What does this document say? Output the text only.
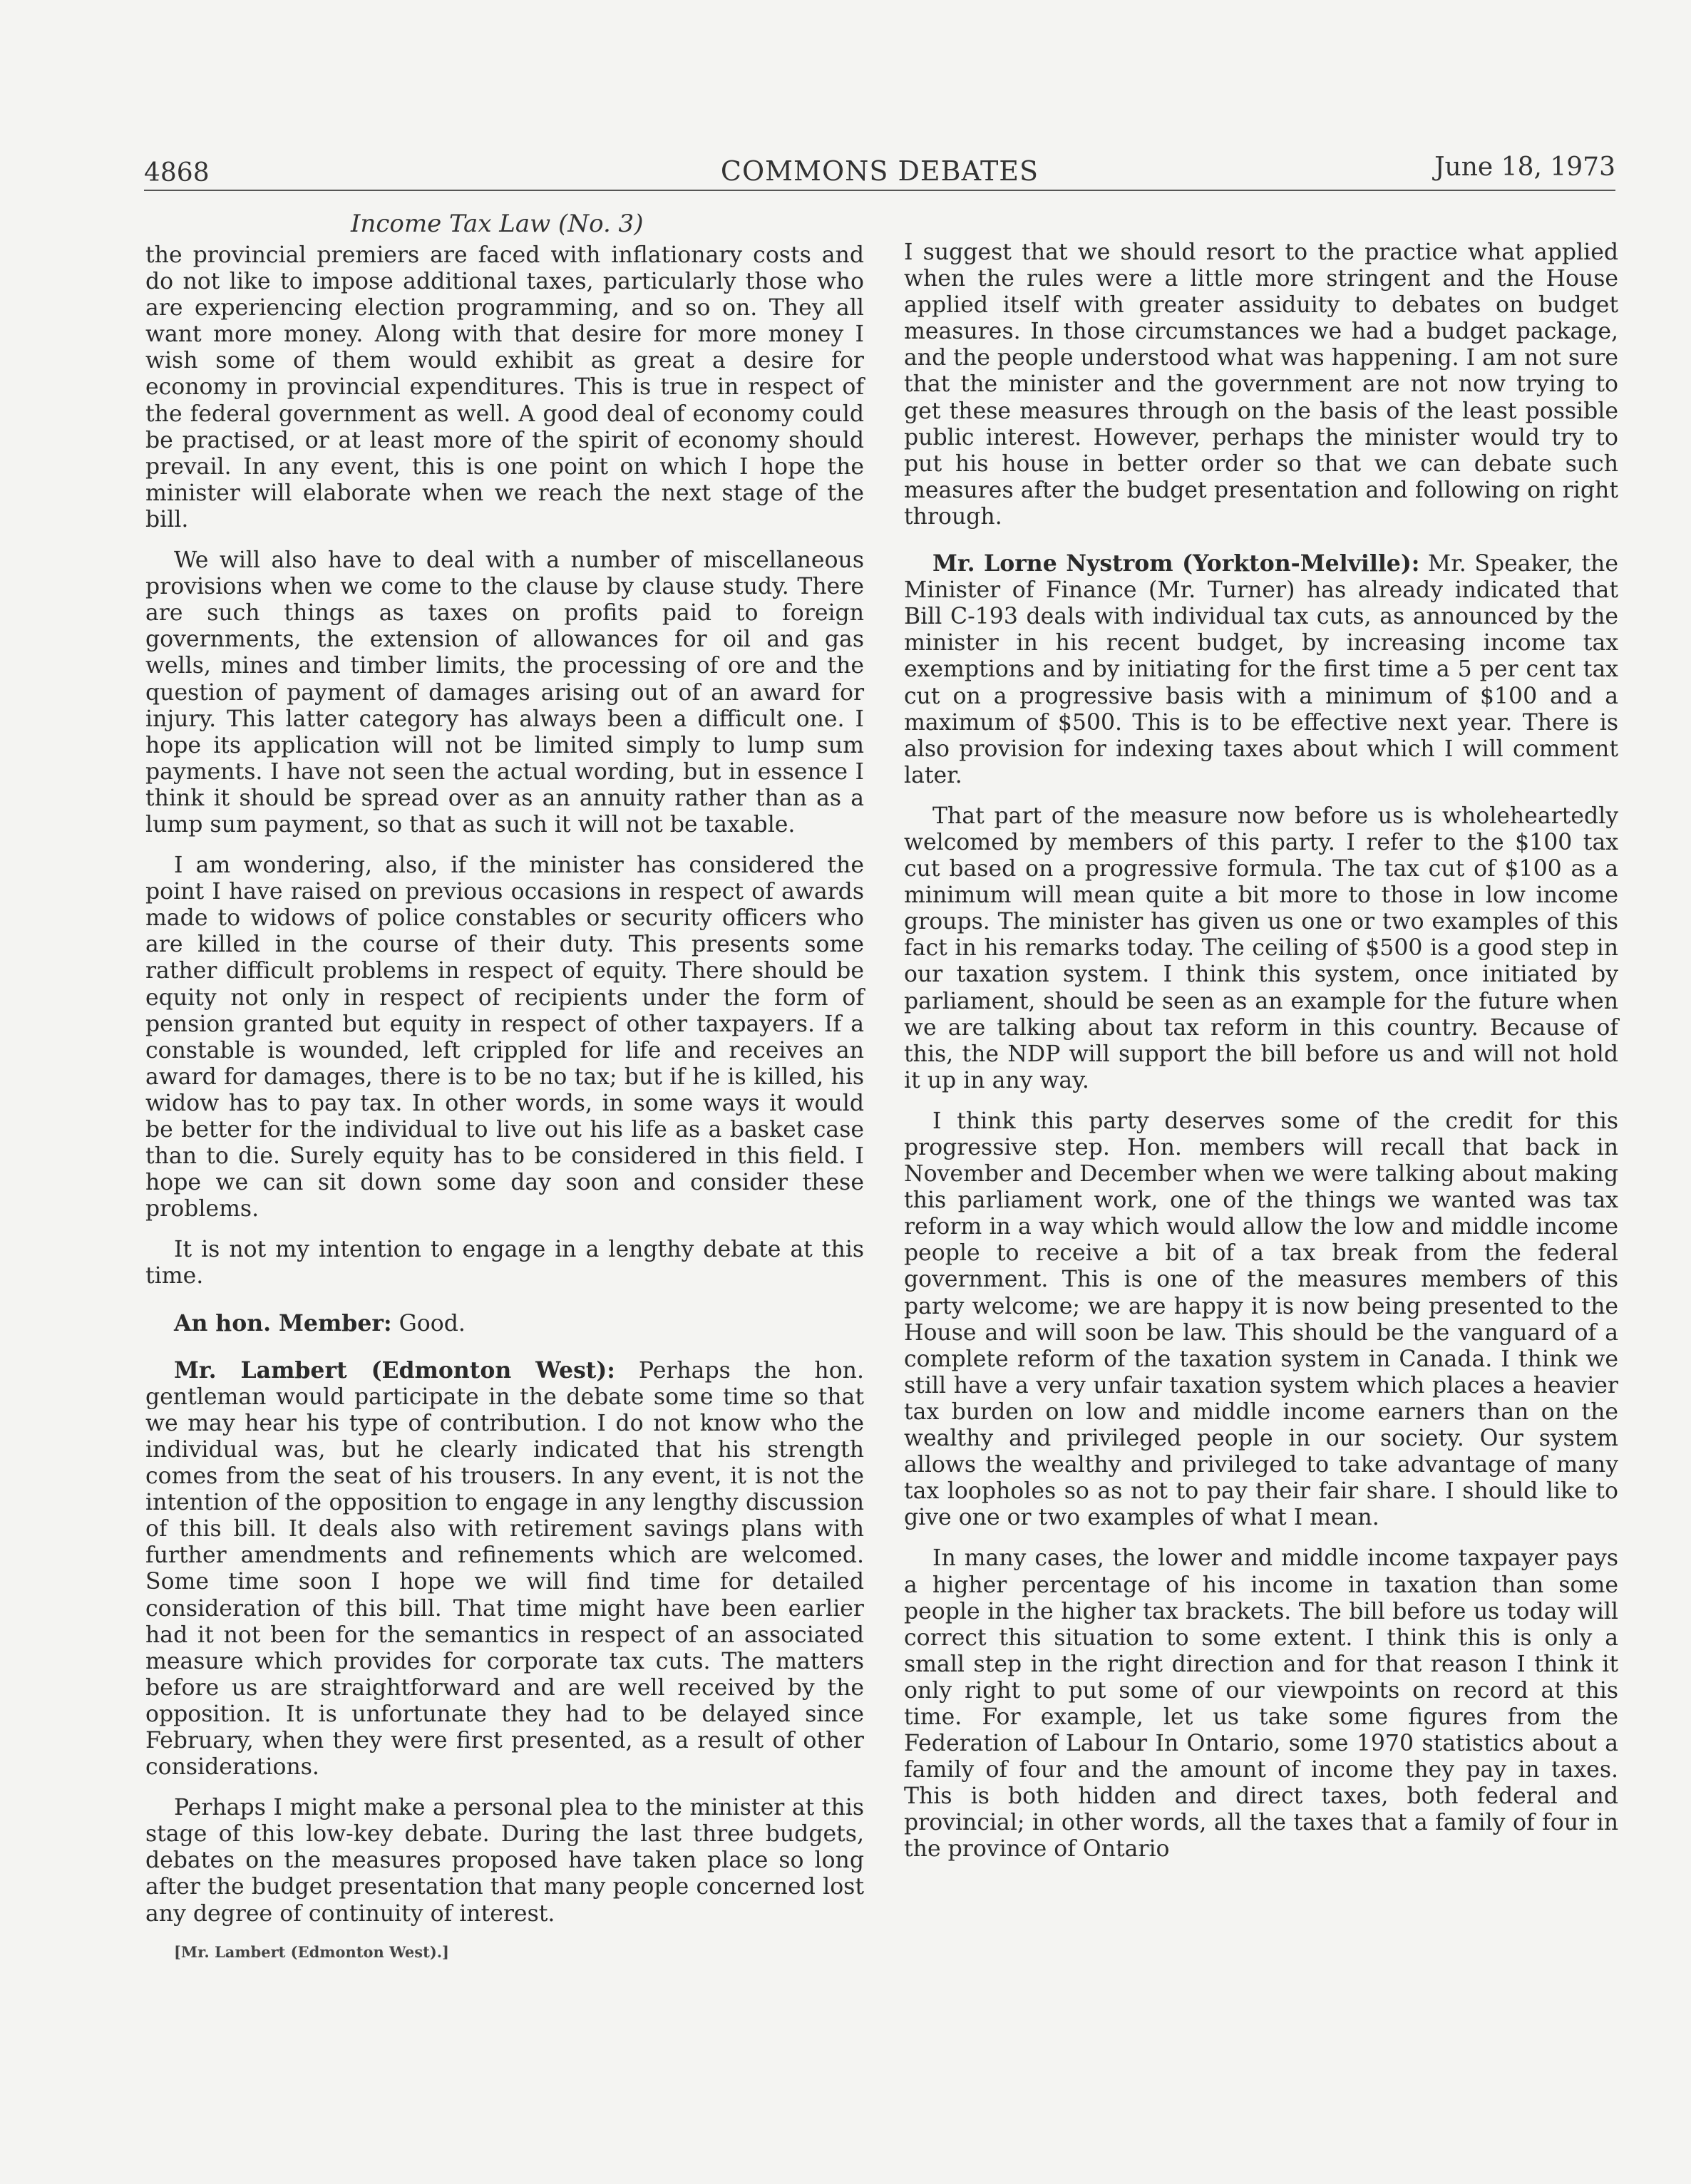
4868	COMMONS DEBATES	June 18, 1973
Income Tax Law (No. 3)

the provincial premiers are faced with inflationary costs and do not like to impose additional taxes, particularly those who are experiencing election programming, and so on. They all want more money. Along with that desire for more money I wish some of them would exhibit as great a desire for economy in provincial expenditures. This is true in respect of the federal government as well. A good deal of economy could be practised, or at least more of the spirit of economy should prevail. In any event, this is one point on which I hope the minister will elaborate when we reach the next stage of the bill.

We will also have to deal with a number of miscellaneous provisions when we come to the clause by clause study. There are such things as taxes on profits paid to foreign governments, the extension of allowances for oil and gas wells, mines and timber limits, the processing of ore and the question of payment of damages arising out of an award for injury. This latter category has always been a difficult one. I hope its application will not be limited simply to lump sum payments. I have not seen the actual wording, but in essence I think it should be spread over as an annuity rather than as a lump sum payment, so that as such it will not be taxable.

I am wondering, also, if the minister has considered the point I have raised on previous occasions in respect of awards made to widows of police constables or security officers who are killed in the course of their duty. This presents some rather difficult problems in respect of equity. There should be equity not only in respect of recipients under the form of pension granted but equity in respect of other taxpayers. If a constable is wounded, left crippled for life and receives an award for damages, there is to be no tax; but if he is killed, his widow has to pay tax. In other words, in some ways it would be better for the individual to live out his life as a basket case than to die. Surely equity has to be considered in this field. I hope we can sit down some day soon and consider these problems.

It is not my intention to engage in a lengthy debate at this time.

An hon. Member: Good.

Mr. Lambert (Edmonton West): Perhaps the hon. gentleman would participate in the debate some time so that we may hear his type of contribution. I do not know who the individual was, but he clearly indicated that his strength comes from the seat of his trousers. In any event, it is not the intention of the opposition to engage in any lengthy discussion of this bill. It deals also with retirement savings plans with further amendments and refinements which are welcomed. Some time soon I hope we will find time for detailed consideration of this bill. That time might have been earlier had it not been for the semantics in respect of an associated measure which provides for corporate tax cuts. The matters before us are straightforward and are well received by the opposition. It is unfortunate they had to be delayed since February, when they were first presented, as a result of other considerations.

Perhaps I might make a personal plea to the minister at this stage of this low-key debate. During the last three budgets, debates on the measures proposed have taken place so long after the budget presentation that many people concerned lost any degree of continuity of interest.

[Mr. Lambert (Edmonton West).]

I suggest that we should resort to the practice what applied when the rules were a little more stringent and the House applied itself with greater assiduity to debates on budget measures. In those circumstances we had a budget package, and the people understood what was happening. I am not sure that the minister and the government are not now trying to get these measures through on the basis of the least possible public interest. However, perhaps the minister would try to put his house in better order so that we can debate such measures after the budget presentation and following on right through.

Mr. Lorne Nystrom (Yorkton-Melville): Mr. Speaker, the Minister of Finance (Mr. Turner) has already indicated that Bill C-193 deals with individual tax cuts, as announced by the minister in his recent budget, by increasing income tax exemptions and by initiating for the first time a 5 per cent tax cut on a progressive basis with a minimum of $100 and a maximum of $500. This is to be effective next year. There is also provision for indexing taxes about which I will comment later.

That part of the measure now before us is wholeheartedly welcomed by members of this party. I refer to the $100 tax cut based on a progressive formula. The tax cut of $100 as a minimum will mean quite a bit more to those in low income groups. The minister has given us one or two examples of this fact in his remarks today. The ceiling of $500 is a good step in our taxation system. I think this system, once initiated by parliament, should be seen as an example for the future when we are talking about tax reform in this country. Because of this, the NDP will support the bill before us and will not hold it up in any way.

I think this party deserves some of the credit for this progressive step. Hon. members will recall that back in November and December when we were talking about making this parliament work, one of the things we wanted was tax reform in a way which would allow the low and middle income people to receive a bit of a tax break from the federal government. This is one of the measures members of this party welcome; we are happy it is now being presented to the House and will soon be law. This should be the vanguard of a complete reform of the taxation system in Canada. I think we still have a very unfair taxation system which places a heavier tax burden on low and middle income earners than on the wealthy and privileged people in our society. Our system allows the wealthy and privileged to take advantage of many tax loopholes so as not to pay their fair share. I should like to give one or two examples of what I mean.

In many cases, the lower and middle income taxpayer pays a higher percentage of his income in taxation than some people in the higher tax brackets. The bill before us today will correct this situation to some extent. I think this is only a small step in the right direction and for that reason I think it only right to put some of our viewpoints on record at this time. For example, let us take some figures from the Federation of Labour In Ontario, some 1970 statistics about a family of four and the amount of income they pay in taxes. This is both hidden and direct taxes, both federal and provincial; in other words, all the taxes that a family of four in the province of Ontario
